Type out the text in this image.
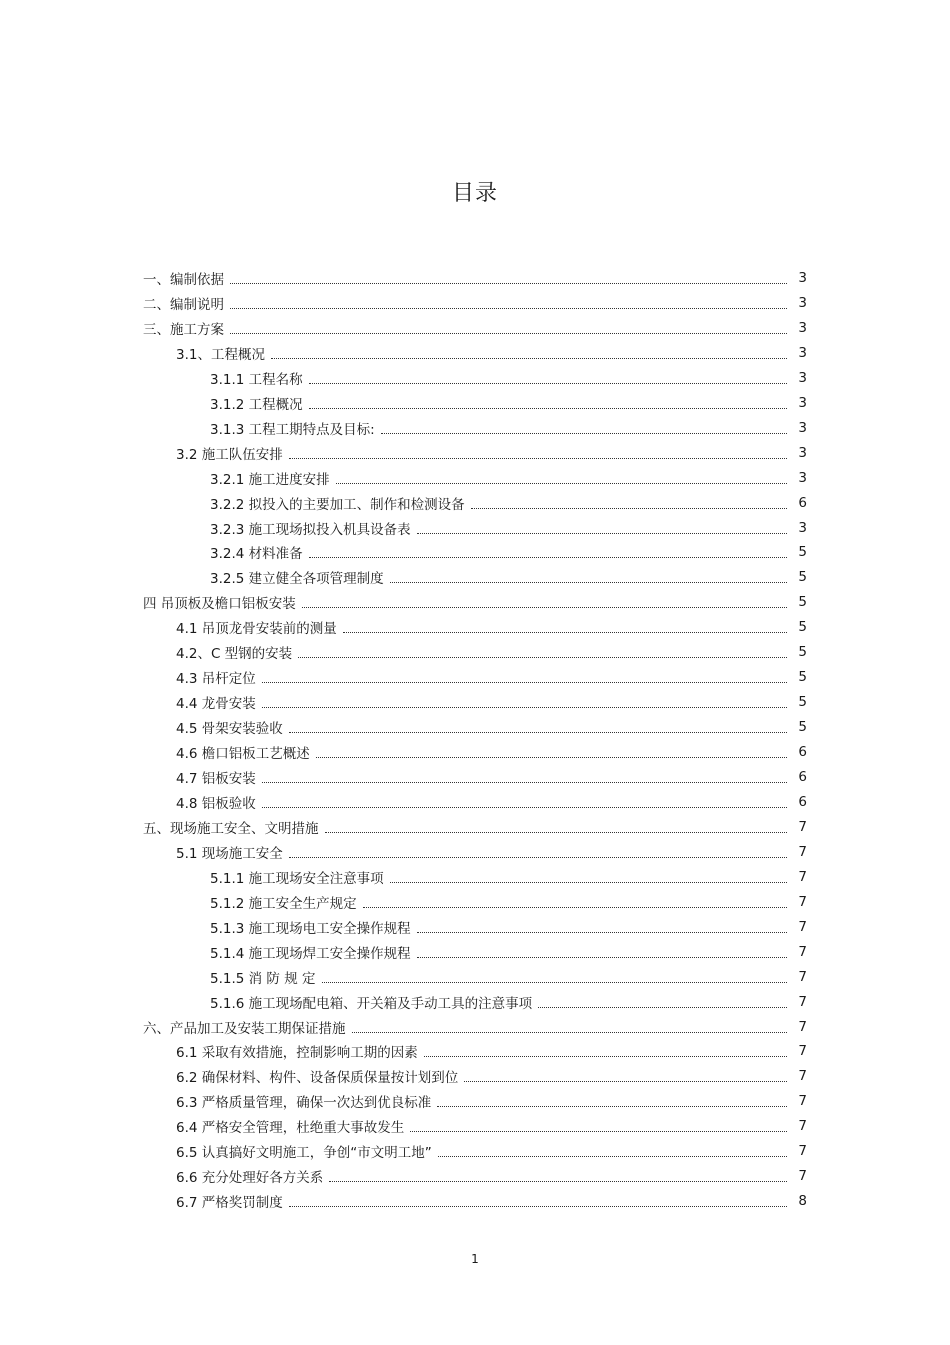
目录
一、编制依据	3
二、编制说明	3
三、施工方案	3
3.1、工程概况	3
3.1.1 工程名称	3
3.1.2 工程概况	3
3.1.3 工程工期特点及目标:	3
3.2 施工队伍安排	3
3.2.1 施工进度安排	3
3.2.2 拟投入的主要加工、制作和检测设备	6
3.2.3 施工现场拟投入机具设备表	3
3.2.4 材料准备	5
3.2.5 建立健全各项管理制度	5
四 吊顶板及檐口铝板安装	5
4.1 吊顶龙骨安装前的测量	5
4.2、C 型钢的安装	5
4.3 吊杆定位	5
4.4 龙骨安装	5
4.5 骨架安装验收	5
4.6 檐口铝板工艺概述	6
4.7 铝板安装	6
4.8 铝板验收	6
五、现场施工安全、文明措施	7
5.1 现场施工安全	7
5.1.1 施工现场安全注意事项	7
5.1.2 施工安全生产规定	7
5.1.3 施工现场电工安全操作规程	7
5.1.4 施工现场焊工安全操作规程	7
5.1.5 消 防 规 定	7
5.1.6 施工现场配电箱、开关箱及手动工具的注意事项	7
六、产品加工及安装工期保证措施	7
6.1 采取有效措施，控制影响工期的因素	7
6.2 确保材料、构件、设备保质保量按计划到位	7
6.3 严格质量管理，确保一次达到优良标准	7
6.4 严格安全管理，杜绝重大事故发生	7
6.5 认真搞好文明施工，争创“市文明工地”	7
6.6 充分处理好各方关系	7
6.7 严格奖罚制度	8
1
